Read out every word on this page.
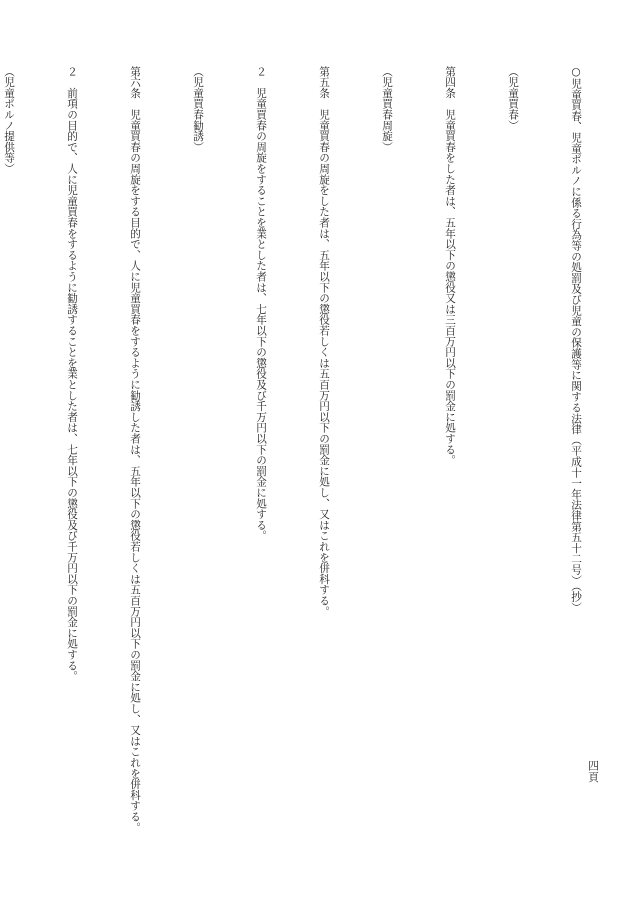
○児童買春、児童ポルノに係る行為等の処罰及び児童の保護等に関する法律（平成十一年法律第五十二号）（抄）

（児童買春）

第四条　児童買春をした者は、五年以下の懲役又は三百万円以下の罰金に処する。

（児童買春周旋）

第五条　児童買春の周旋をした者は、五年以下の懲役若しくは五百万円以下の罰金に処し、又はこれを併科する。

２　児童買春の周旋をすることを業とした者は、七年以下の懲役及び千万円以下の罰金に処する。

（児童買春勧誘）

第六条　児童買春の周旋をする目的で、人に児童買春をするように勧誘した者は、五年以下の懲役若しくは五百万円以下の罰金に処し、又はこれを併科する。

２　前項の目的で、人に児童買春をするように勧誘することを業とした者は、七年以下の懲役及び千万円以下の罰金に処する。

（児童ポルノ提供等）

四頁
